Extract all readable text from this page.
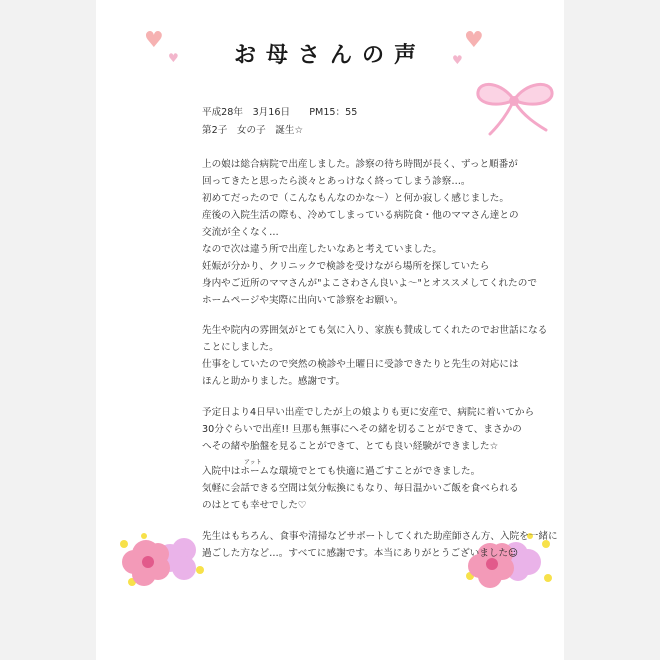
お母さんの声
♥
♥
♥
♥
平成28年　3月16日　　PM15：55
第2子　女の子　誕生☆
上の娘は総合病院で出産しました。診察の待ち時間が長く、ずっと順番が
回ってきたと思ったら淡々とあっけなく終ってしまう診察…。
初めてだったので（こんなもんなのかな～）と何か寂しく感じました。
産後の入院生活の際も、冷めてしまっている病院食・他のママさん達との
交流が全くなく…
なので次は違う所で出産したいなあと考えていました。
妊娠が分かり、クリニックで検診を受けながら場所を探していたら
身内やご近所のママさんが"よこさわさん良いよ～"とオススメしてくれたので
ホームページや実際に出向いて診察をお願い。
先生や院内の雰囲気がとても気に入り、家族も賛成してくれたのでお世話になる
ことにしました。
仕事をしていたので突然の検診や土曜日に受診できたりと先生の対応には
ほんと助かりました。感謝です。
予定日より4日早い出産でしたが上の娘よりも更に安産で、病院に着いてから
30分ぐらいで出産!! 旦那も無事にへその緒を切ることができて、まさかの
へその緒や胎盤を見ることができて、とても良い経験ができました☆
アット
入院中はホームな環境でとても快適に過ごすことができました。
気軽に会話できる空間は気分転換にもなり、毎日温かいご飯を食べられる
のはとても幸せでした♡
先生はもちろん、食事や清掃などサポートしてくれた助産師さん方、入院を一緒に
過ごした方など…。すべてに感謝です。本当にありがとうございました☺
